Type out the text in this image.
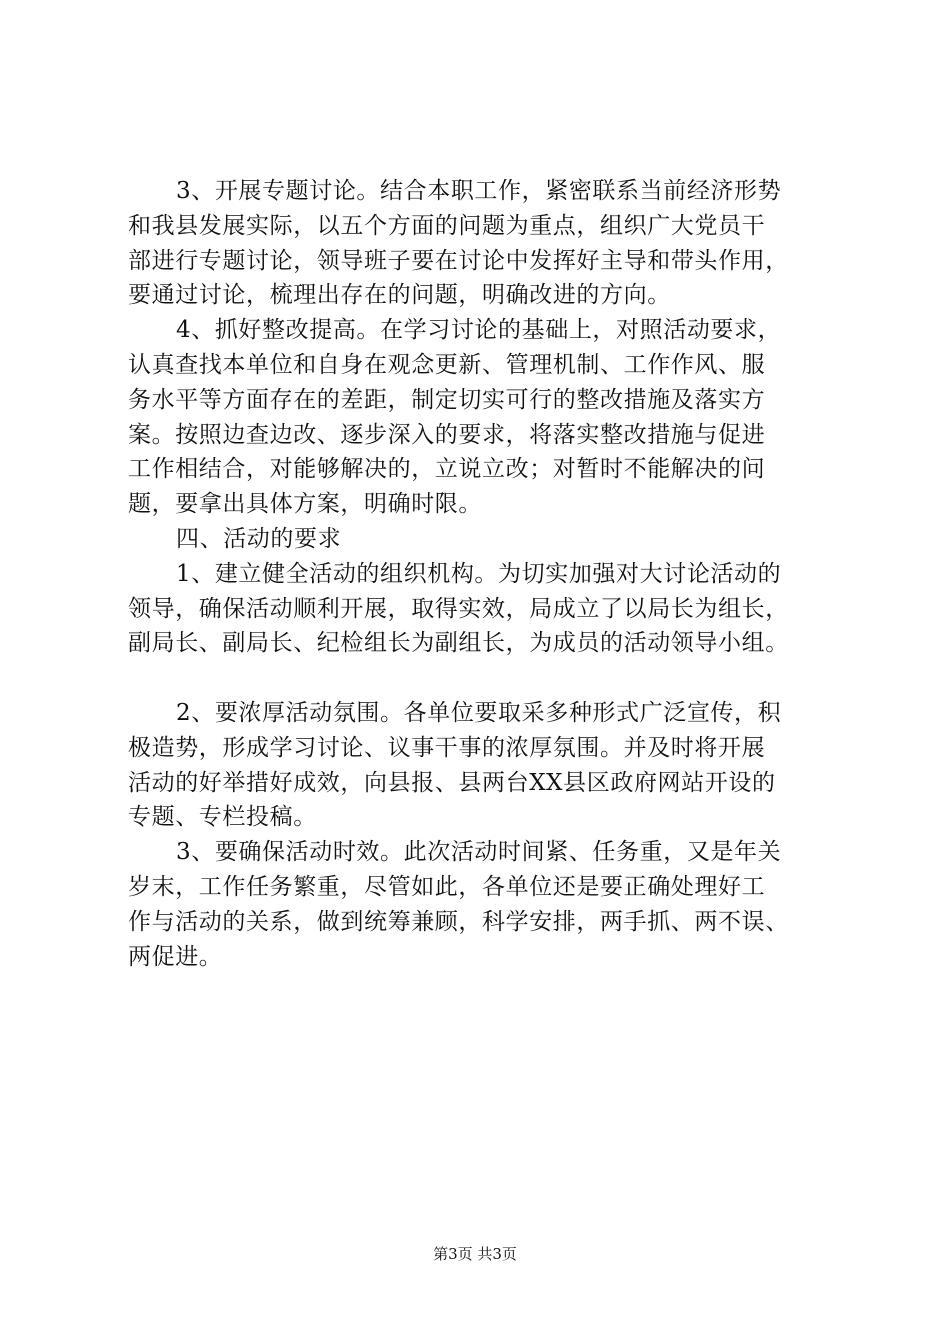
3、开展专题讨论。结合本职工作，紧密联系当前经济形势
和我县发展实际，以五个方面的问题为重点，组织广大党员干
部进行专题讨论，领导班子要在讨论中发挥好主导和带头作用，
要通过讨论，梳理出存在的问题，明确改进的方向。
4、抓好整改提高。在学习讨论的基础上，对照活动要求，
认真查找本单位和自身在观念更新、管理机制、工作作风、服
务水平等方面存在的差距，制定切实可行的整改措施及落实方
案。按照边查边改、逐步深入的要求，将落实整改措施与促进
工作相结合，对能够解决的，立说立改；对暂时不能解决的问
题，要拿出具体方案，明确时限。
四、活动的要求
1、建立健全活动的组织机构。为切实加强对大讨论活动的
领导，确保活动顺利开展，取得实效，局成立了以局长为组长，
副局长、副局长、纪检组长为副组长，为成员的活动领导小组。
2、要浓厚活动氛围。各单位要取采多种形式广泛宣传，积
极造势，形成学习讨论、议事干事的浓厚氛围。并及时将开展
活动的好举措好成效，向县报、县两台XX县区政府网站开设的
专题、专栏投稿。
3、要确保活动时效。此次活动时间紧、任务重，又是年关
岁末，工作任务繁重，尽管如此，各单位还是要正确处理好工
作与活动的关系，做到统筹兼顾，科学安排，两手抓、两不误、
两促进。
第3页 共3页
